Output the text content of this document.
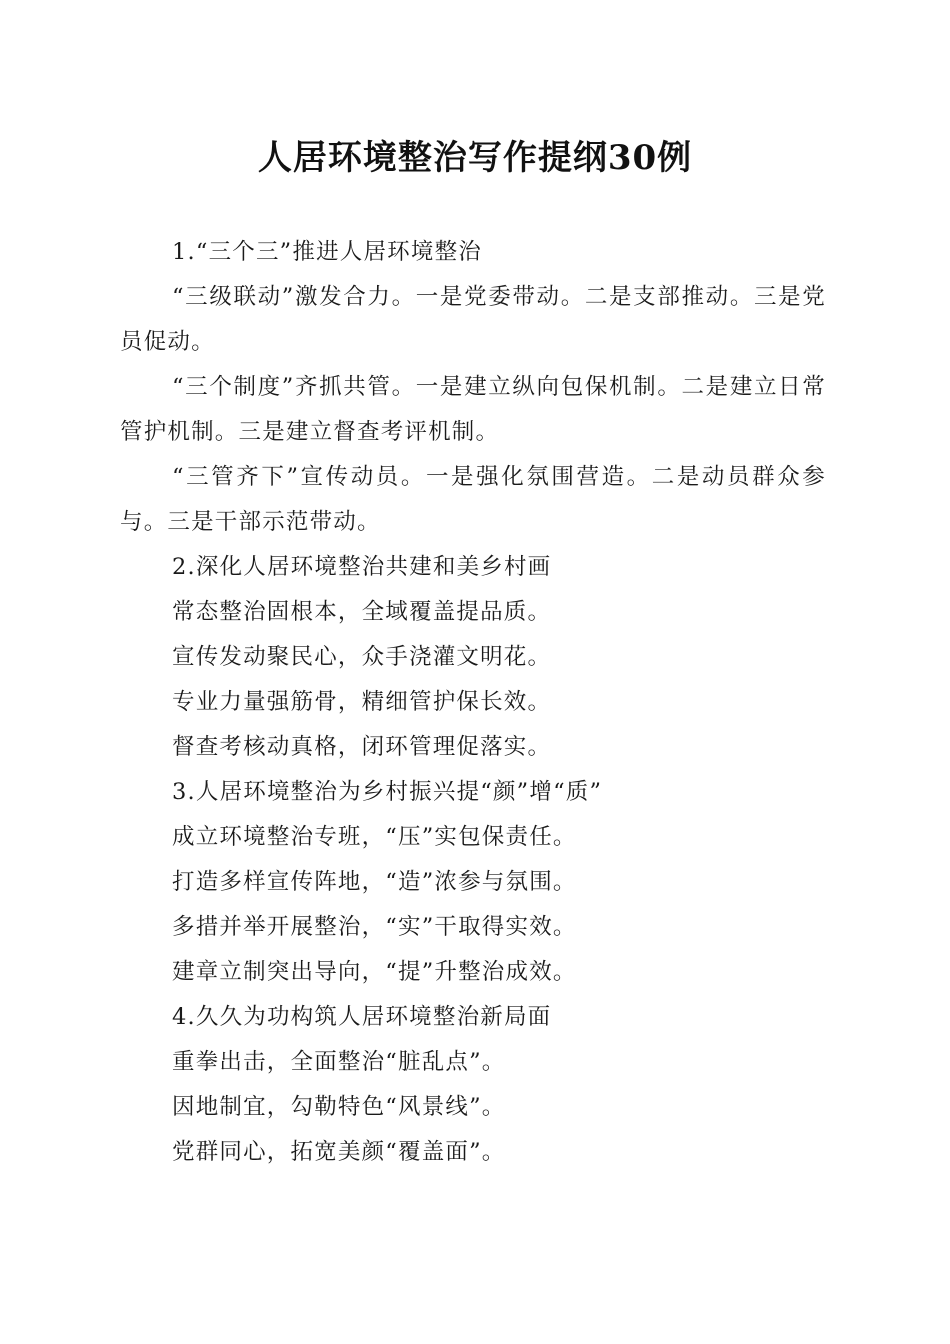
人居环境整治写作提纲30例

1.“三个三”推进人居环境整治

“三级联动”激发合力。一是党委带动。二是支部推动。三是党员促动。

“三个制度”齐抓共管。一是建立纵向包保机制。二是建立日常管护机制。三是建立督查考评机制。

“三管齐下”宣传动员。一是强化氛围营造。二是动员群众参与。三是干部示范带动。

2.深化人居环境整治共建和美乡村画

常态整治固根本，全域覆盖提品质。

宣传发动聚民心，众手浇灌文明花。

专业力量强筋骨，精细管护保长效。

督查考核动真格，闭环管理促落实。

3.人居环境整治为乡村振兴提“颜”增“质”

成立环境整治专班，“压”实包保责任。

打造多样宣传阵地，“造”浓参与氛围。

多措并举开展整治，“实”干取得实效。

建章立制突出导向，“提”升整治成效。

4.久久为功构筑人居环境整治新局面

重拳出击，全面整治“脏乱点”。

因地制宜，勾勒特色“风景线”。

党群同心，拓宽美颜“覆盖面”。
